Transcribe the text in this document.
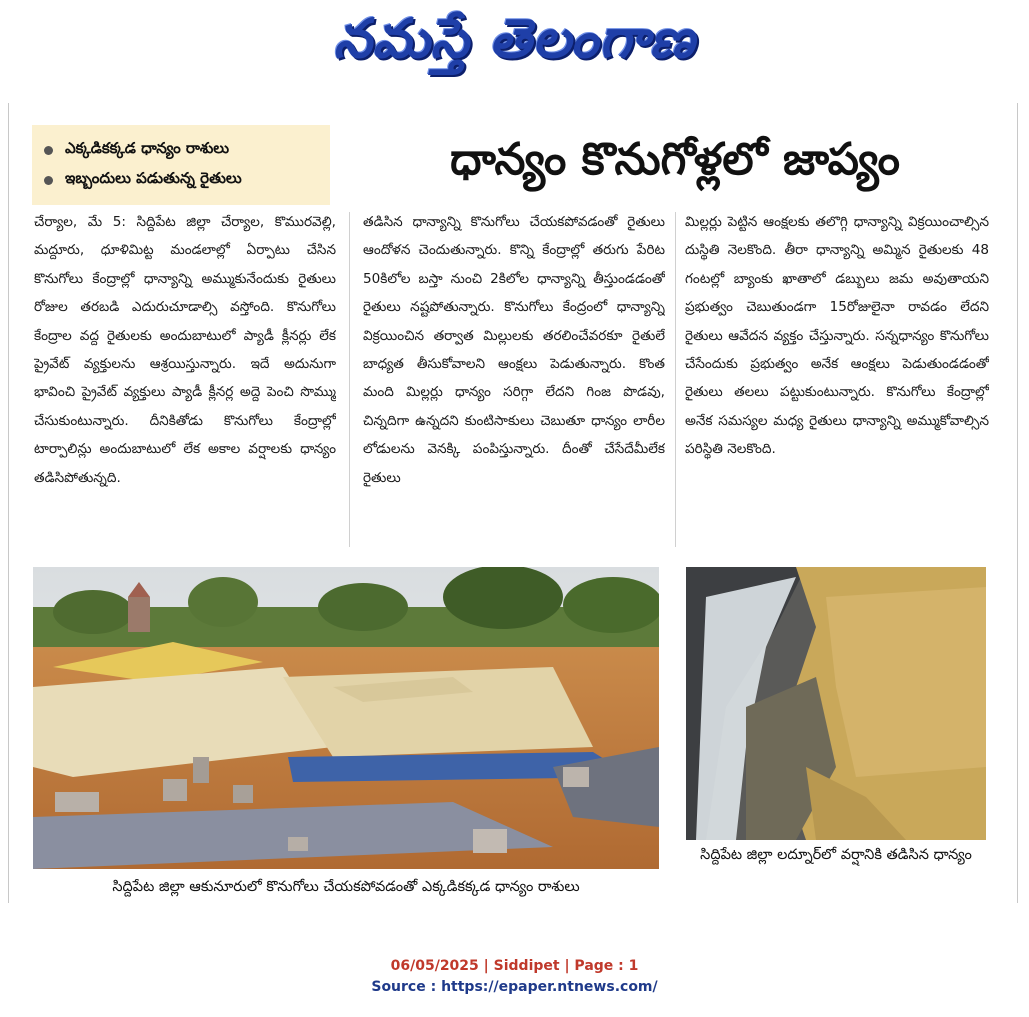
నమస్తే తెలంగాణ
ఎక్కడికక్కడ ధాన్యం రాశులు
ఇబ్బందులు పడుతున్న రైతులు	ధాన్యం కొనుగోళ్లలో జాప్యం
చేర్యాల, మే 5: సిద్దిపేట జిల్లా చేర్యాల, కొమురవెల్లి, మద్దూరు, ధూళిమిట్ట మండలాల్లో ఏర్పాటు చేసిన కొనుగోలు కేంద్రాల్లో ధాన్యాన్ని అమ్ముకునేందుకు రైతులు రోజుల తరబడి ఎదురుచూడాల్సి వస్తోంది. కొనుగోలు కేంద్రాల వద్ద రైతులకు అందుబాటులో ప్యాడీ క్లీనర్లు లేక ప్రైవేట్ వ్యక్తులను ఆశ్రయిస్తున్నారు. ఇదే అదునుగా భావించి ప్రైవేట్ వ్యక్తులు ప్యాడీ క్లీనర్ల అద్దె పెంచి సొమ్ము చేసుకుంటున్నారు. దీనికితోడు కొనుగోలు కేంద్రాల్లో టార్పాలిన్లు అందుబాటులో లేక అకాల వర్షాలకు ధాన్యం తడిసిపోతున్నది.
తడిసిన ధాన్యాన్ని కొనుగోలు చేయకపోవడంతో రైతులు ఆందోళన చెందుతున్నారు. కొన్ని కేంద్రాల్లో తరుగు పేరిట 50కిలోల బస్తా నుంచి 2కిలోల ధాన్యాన్ని తీస్తుండడంతో రైతులు నష్టపోతున్నారు. కొనుగోలు కేంద్రంలో ధాన్యాన్ని విక్రయించిన తర్వాత మిల్లులకు తరలించేవరకూ రైతులే బాధ్యత తీసుకోవాలని ఆంక్షలు పెడుతున్నారు. కొంత మంది మిల్లర్లు ధాన్యం సరిగ్గా లేదని గింజ పొడవు, చిన్నదిగా ఉన్నదని కుంటిసాకులు చెబుతూ ధాన్యం లారీల లోడులను వెనక్కి పంపిస్తున్నారు. దీంతో చేసేదేమీలేక రైతులు
మిల్లర్లు పెట్టిన ఆంక్షలకు తలొగ్గి ధాన్యాన్ని విక్రయించాల్సిన దుస్థితి నెలకొంది. తీరా ధాన్యాన్ని అమ్మిన రైతులకు 48 గంటల్లో బ్యాంకు ఖాతాలో డబ్బులు జమ అవుతాయని ప్రభుత్వం చెబుతుండగా 15రోజులైనా రావడం లేదని రైతులు ఆవేదన వ్యక్తం చేస్తున్నారు. సన్నధాన్యం కొనుగోలు చేసేందుకు ప్రభుత్వం అనేక ఆంక్షలు పెడుతుండడంతో రైతులు తలలు పట్టుకుంటున్నారు. కొనుగోలు కేంద్రాల్లో అనేక సమస్యల మధ్య రైతులు ధాన్యాన్ని అమ్ముకోవాల్సిన పరిస్థితి నెలకొంది.
సిద్దిపేట జిల్లా ఆకునూరులో కొనుగోలు చేయకపోవడంతో ఎక్కడికక్కడ ధాన్యం రాశులు
సిద్దిపేట జిల్లా లద్నూర్‌లో వర్షానికి తడిసిన ధాన్యం
06/05/2025 | Siddipet | Page : 1
Source : https://epaper.ntnews.com/
